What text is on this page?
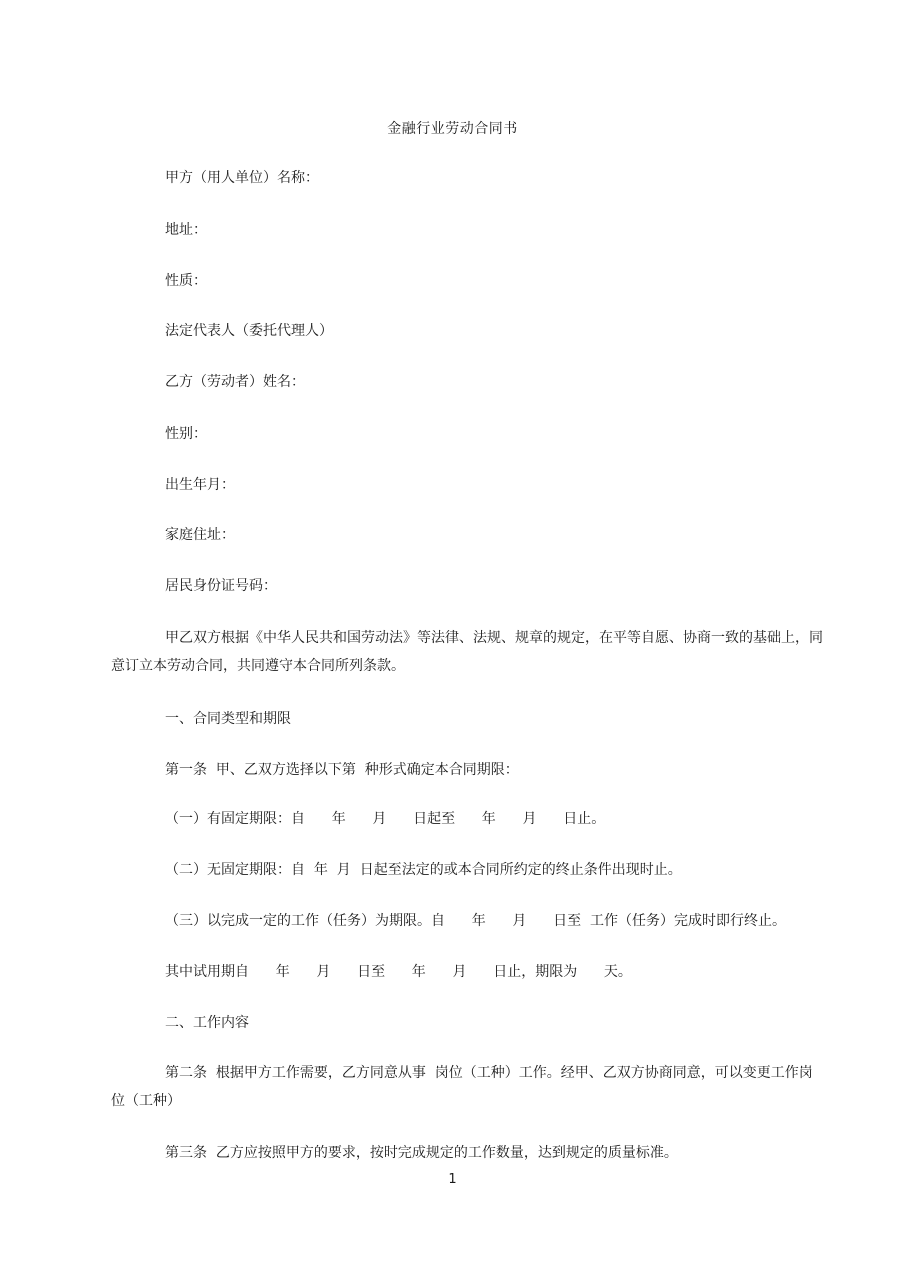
金融行业劳动合同书
甲方（用人单位）名称：
地址：
性质：
法定代表人（委托代理人）
乙方（劳动者）姓名：
性别：
出生年月：
家庭住址：
居民身份证号码：
甲乙双方根据《中华人民共和国劳动法》等法律、法规、规章的规定，在平等自愿、协商一致的基础上，同
意订立本劳动合同，共同遵守本合同所列条款。
一、合同类型和期限
第一条  甲、乙双方选择以下第  种形式确定本合同期限：
（一）有固定期限：自      年      月      日起至      年      月      日止。
（二）无固定期限：自  年  月  日起至法定的或本合同所约定的终止条件出现时止。
（三）以完成一定的工作（任务）为期限。自      年      月      日至  工作（任务）完成时即行终止。
其中试用期自      年      月      日至      年      月      日止，期限为      天。
二、工作内容
第二条  根据甲方工作需要，乙方同意从事  岗位（工种）工作。经甲、乙双方协商同意，可以变更工作岗
位（工种）
第三条  乙方应按照甲方的要求，按时完成规定的工作数量，达到规定的质量标准。
1
